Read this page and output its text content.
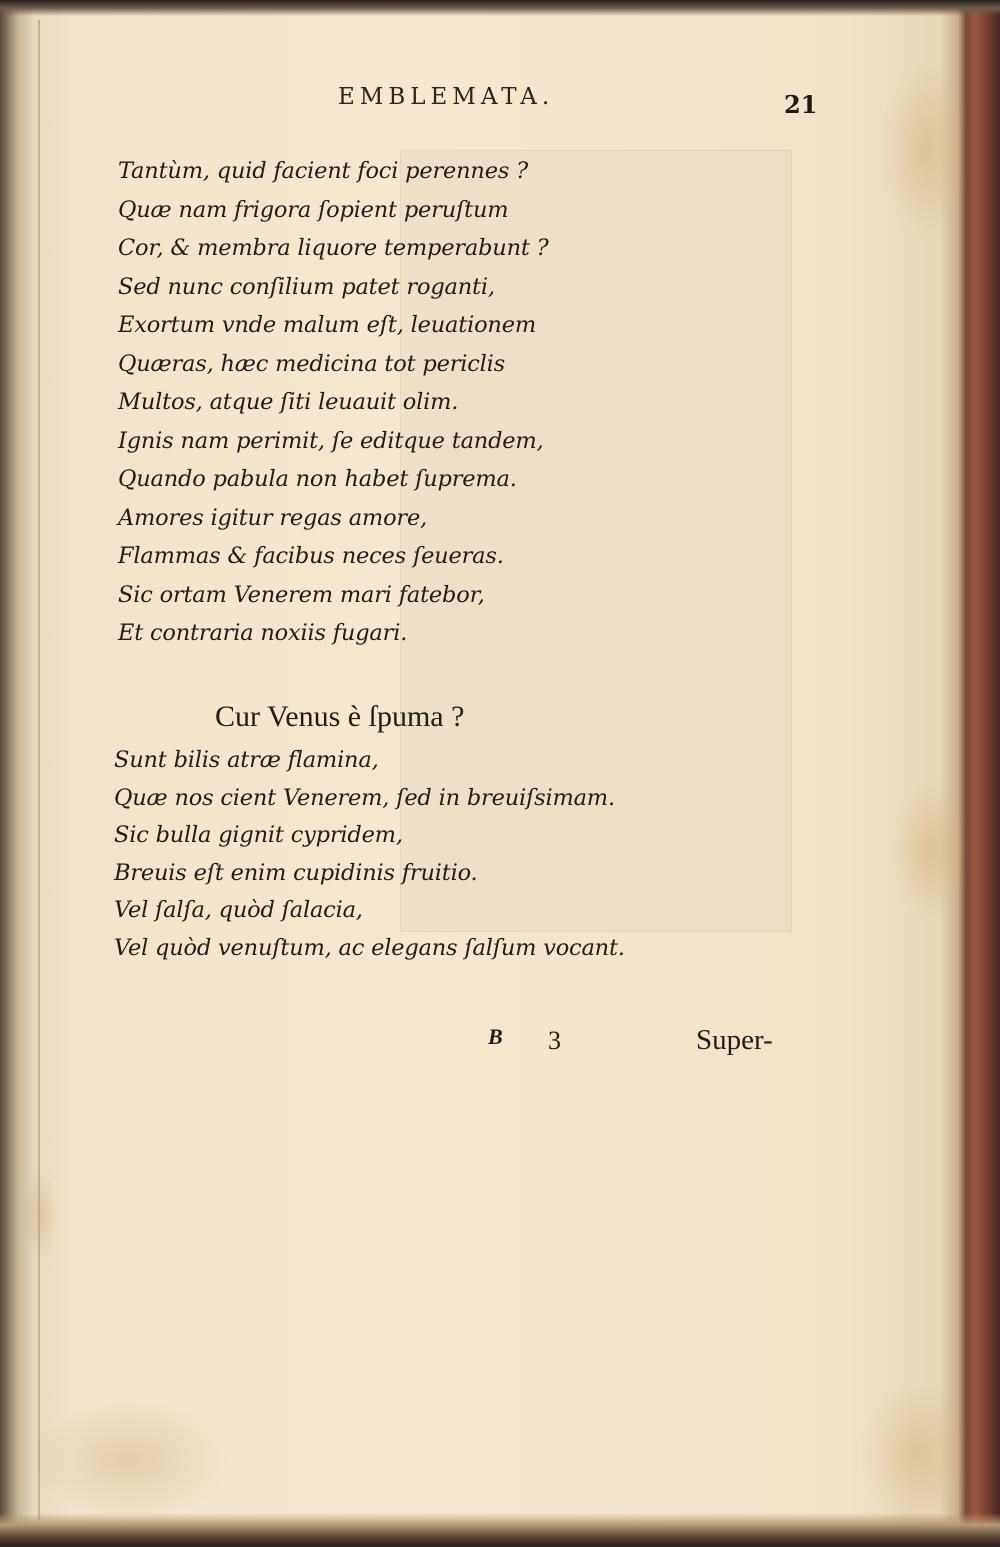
EMBLEMATA.	21
Tantùm, quid facient foci perennes ?
Quæ nam frigora ſopient peruſtum
Cor, & membra liquore temperabunt ?
Sed nunc conſilium patet roganti,
Exortum vnde malum eſt, leuationem
Quæras, hæc medicina tot periclis
Multos, atque ſiti leuauit olim.
Ignis nam perimit, ſe editque tandem,
Quando pabula non habet ſuprema.
Amores igitur regas amore,
Flammas & facibus neces ſeueras.
Sic ortam Venerem mari fatebor,
Et contraria noxiis fugari.
Cur Venus è ſpuma ?
Sunt bilis atræ flamina,
Quæ nos cient Venerem, ſed in breuiſsimam.
Sic bulla gignit cypridem,
Breuis eſt enim cupidinis fruitio.
Vel ſalſa, quòd ſalacia,
Vel quòd venuſtum, ac elegans ſalſum vocant.
B 3	Super-
